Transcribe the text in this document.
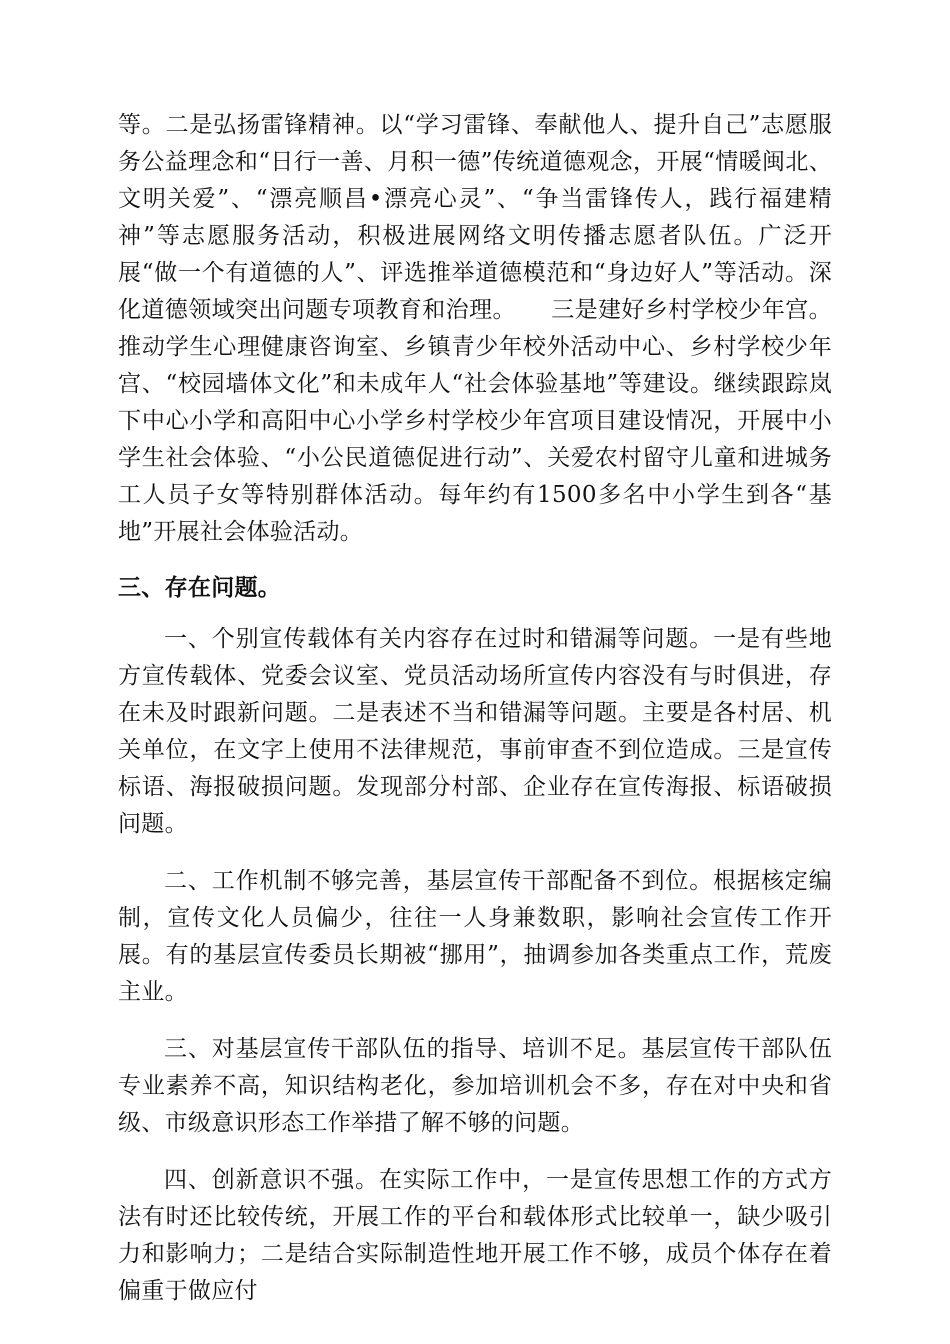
等。二是弘扬雷锋精神。以“学习雷锋、奉献他人、提升自己”志愿服务公益理念和“日行一善、月积一德”传统道德观念，开展“情暖闽北、文明关爱”、“漂亮顺昌•漂亮心灵”、“争当雷锋传人，践行福建精神”等志愿服务活动，积极进展网络文明传播志愿者队伍。广泛开展“做一个有道德的人”、评选推举道德模范和“身边好人”等活动。深化道德领域突出问题专项教育和治理。　　三是建好乡村学校少年宫。推动学生心理健康咨询室、乡镇青少年校外活动中心、乡村学校少年宫、“校园墙体文化”和未成年人“社会体验基地”等建设。继续跟踪岚下中心小学和高阳中心小学乡村学校少年宫项目建设情况，开展中小学生社会体验、“小公民道德促进行动”、关爱农村留守儿童和进城务工人员子女等特别群体活动。每年约有1500多名中小学生到各“基地”开展社会体验活动。

三、存在问题。

一、个别宣传载体有关内容存在过时和错漏等问题。一是有些地方宣传载体、党委会议室、党员活动场所宣传内容没有与时俱进，存在未及时跟新问题。二是表述不当和错漏等问题。主要是各村居、机关单位，在文字上使用不法律规范，事前审查不到位造成。三是宣传标语、海报破损问题。发现部分村部、企业存在宣传海报、标语破损问题。

二、工作机制不够完善，基层宣传干部配备不到位。根据核定编制，宣传文化人员偏少，往往一人身兼数职，影响社会宣传工作开展。有的基层宣传委员长期被“挪用”，抽调参加各类重点工作，荒废主业。

三、对基层宣传干部队伍的指导、培训不足。基层宣传干部队伍专业素养不高，知识结构老化，参加培训机会不多，存在对中央和省级、市级意识形态工作举措了解不够的问题。

四、创新意识不强。在实际工作中，一是宣传思想工作的方式方法有时还比较传统，开展工作的平台和载体形式比较单一，缺少吸引力和影响力；二是结合实际制造性地开展工作不够，成员个体存在着偏重于做应付
